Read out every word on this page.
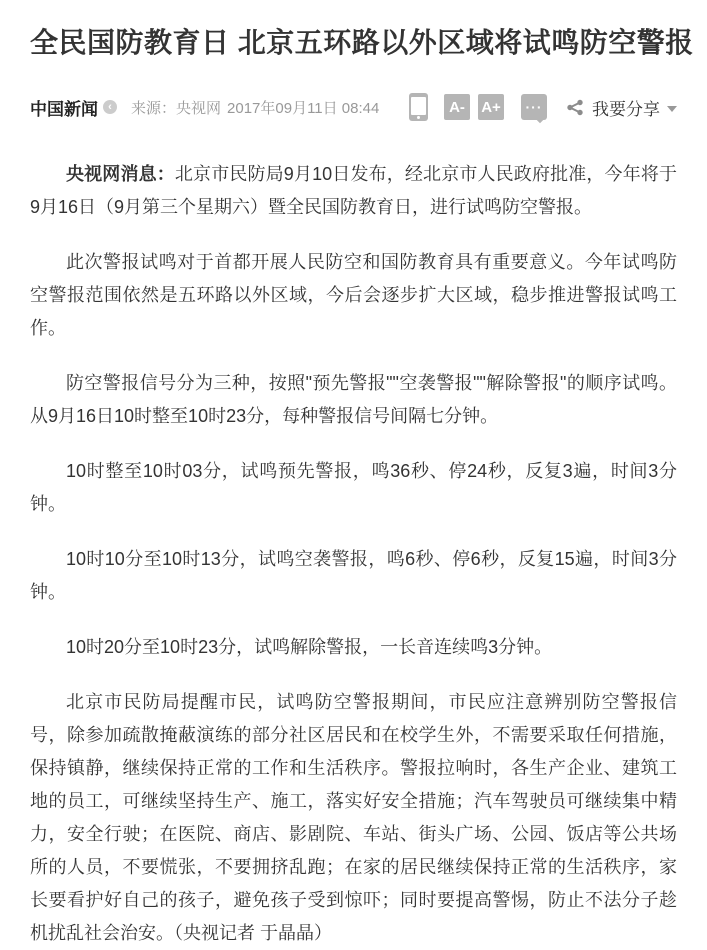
全民国防教育日 北京五环路以外区域将试鸣防空警报
中国新闻 ‹	来源：央视网 2017年09月11日 08:44	A-	A+	···	我要分享

央视网消息：北京市民防局9月10日发布，经北京市人民政府批准，今年将于9月16日（9月第三个星期六）暨全民国防教育日，进行试鸣防空警报。

此次警报试鸣对于首都开展人民防空和国防教育具有重要意义。今年试鸣防空警报范围依然是五环路以外区域，今后会逐步扩大区域，稳步推进警报试鸣工作。

防空警报信号分为三种，按照"预先警报""空袭警报""解除警报"的顺序试鸣。从9月16日10时整至10时23分，每种警报信号间隔七分钟。

10时整至10时03分，试鸣预先警报，鸣36秒、停24秒，反复3遍，时间3分钟。

10时10分至10时13分，试鸣空袭警报，鸣6秒、停6秒，反复15遍，时间3分钟。

10时20分至10时23分，试鸣解除警报，一长音连续鸣3分钟。

北京市民防局提醒市民，试鸣防空警报期间，市民应注意辨别防空警报信号，除参加疏散掩蔽演练的部分社区居民和在校学生外，不需要采取任何措施，保持镇静，继续保持正常的工作和生活秩序。警报拉响时，各生产企业、建筑工地的员工，可继续坚持生产、施工，落实好安全措施；汽车驾驶员可继续集中精力，安全行驶；在医院、商店、影剧院、车站、街头广场、公园、饭店等公共场所的人员，不要慌张，不要拥挤乱跑；在家的居民继续保持正常的生活秩序，家长要看护好自己的孩子，避免孩子受到惊吓；同时要提高警惕，防止不法分子趁机扰乱社会治安。（央视记者 于晶晶）
